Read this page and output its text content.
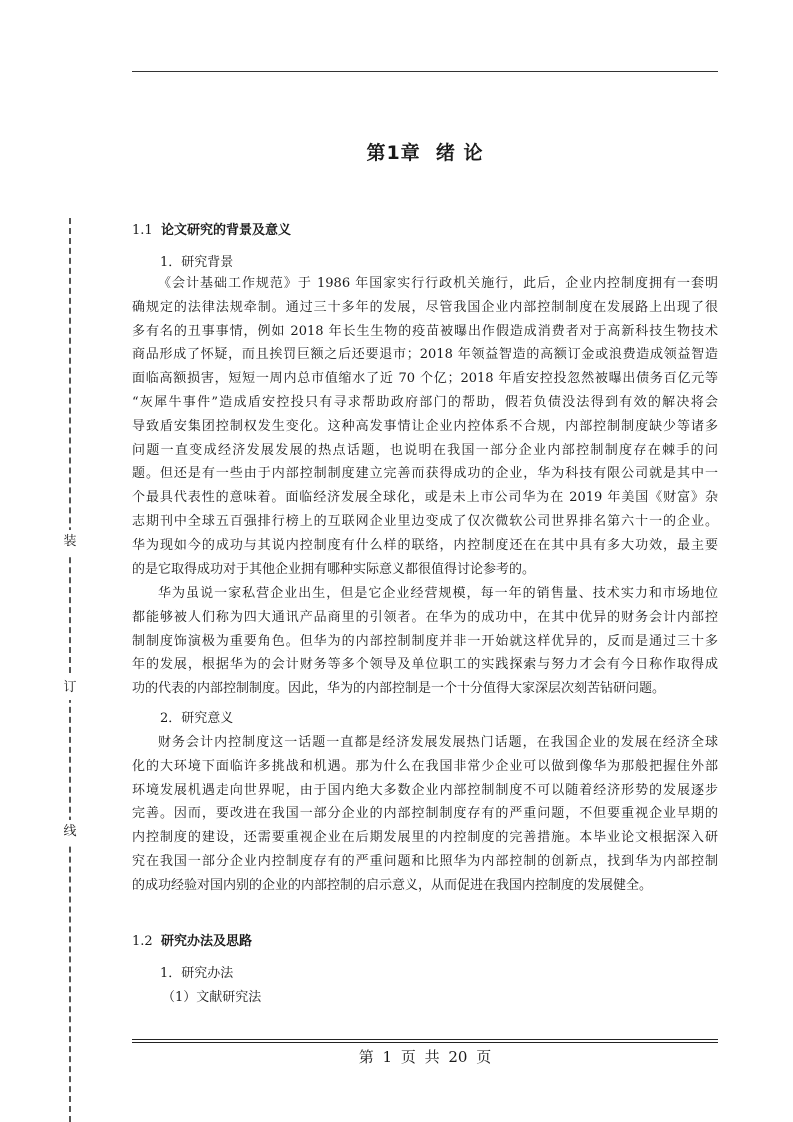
装
订
线
第1章  绪 论
1.1 论文研究的背景及意义
1．研究背景
《会计基础工作规范》于 1986 年国家实行行政机关施行，此后，企业内控制度拥有一套明
确规定的法律法规牵制。通过三十多年的发展，尽管我国企业内部控制制度在发展路上出现了很
多有名的丑事事情，例如 2018 年长生生物的疫苗被曝出作假造成消费者对于高新科技生物技术
商品形成了怀疑，而且挨罚巨额之后还要退市；2018 年领益智造的高额订金或浪费造成领益智造
面临高额损害，短短一周内总市值缩水了近 70 个亿；2018 年盾安控投忽然被曝出债务百亿元等
“灰犀牛事件”造成盾安控投只有寻求帮助政府部门的帮助，假若负债没法得到有效的解决将会
导致盾安集团控制权发生变化。这种高发事情让企业内控体系不合规，内部控制制度缺少等诸多
问题一直变成经济发展发展的热点话题，也说明在我国一部分企业内部控制制度存在棘手的问
题。但还是有一些由于内部控制制度建立完善而获得成功的企业，华为科技有限公司就是其中一
个最具代表性的意味着。面临经济发展全球化，或是未上市公司华为在 2019 年美国《财富》杂
志期刊中全球五百强排行榜上的互联网企业里边变成了仅次微软公司世界排名第六十一的企业。
华为现如今的成功与其说内控制度有什么样的联络，内控制度还在在其中具有多大功效，最主要
的是它取得成功对于其他企业拥有哪种实际意义都很值得讨论参考的。
华为虽说一家私营企业出生，但是它企业经营规模，每一年的销售量、技术实力和市场地位
都能够被人们称为四大通讯产品商里的引领者。在华为的成功中，在其中优异的财务会计内部控
制制度饰演极为重要角色。但华为的内部控制制度并非一开始就这样优异的，反而是通过三十多
年的发展，根据华为的会计财务等多个领导及单位职工的实践探索与努力才会有今日称作取得成
功的代表的内部控制制度。因此，华为的内部控制是一个十分值得大家深层次刻苦钻研问题。
2．研究意义
财务会计内控制度这一话题一直都是经济发展发展热门话题，在我国企业的发展在经济全球
化的大环境下面临许多挑战和机遇。那为什么在我国非常少企业可以做到像华为那般把握住外部
环境发展机遇走向世界呢，由于国内绝大多数企业内部控制制度不可以随着经济形势的发展逐步
完善。因而，要改进在我国一部分企业的内部控制制度存有的严重问题，不但要重视企业早期的
内控制度的建设，还需要重视企业在后期发展里的内控制度的完善措施。本毕业论文根据深入研
究在我国一部分企业内控制度存有的严重问题和比照华为内部控制的创新点，找到华为内部控制
的成功经验对国内别的企业的内部控制的启示意义，从而促进在我国内控制度的发展健全。
1.2 研究办法及思路
1．研究办法
（1）文献研究法
第 1 页 共 20 页
